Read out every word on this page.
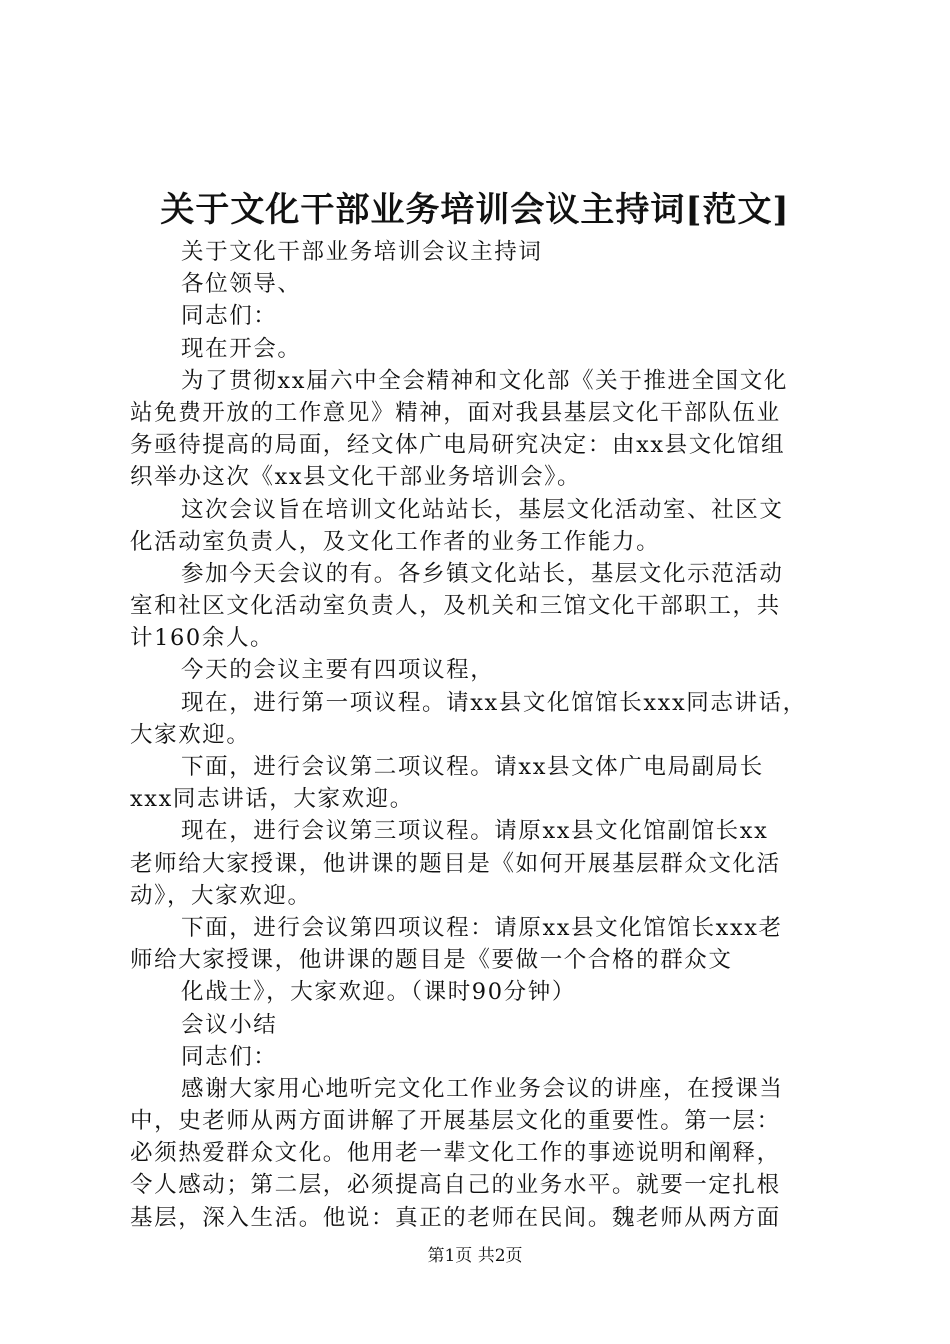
关于文化干部业务培训会议主持词[范文]
关于文化干部业务培训会议主持词
各位领导、
同志们：
现在开会。
为了贯彻xx届六中全会精神和文化部《关于推进全国文化
站免费开放的工作意见》精神，面对我县基层文化干部队伍业
务亟待提高的局面，经文体广电局研究决定：由xx县文化馆组
织举办这次《xx县文化干部业务培训会》。
这次会议旨在培训文化站站长，基层文化活动室、社区文
化活动室负责人，及文化工作者的业务工作能力。
参加今天会议的有。各乡镇文化站长，基层文化示范活动
室和社区文化活动室负责人，及机关和三馆文化干部职工，共
计160余人。
今天的会议主要有四项议程，
现在，进行第一项议程。请xx县文化馆馆长xxx同志讲话，
大家欢迎。
下面，进行会议第二项议程。请xx县文体广电局副局长
xxx同志讲话，大家欢迎。
现在，进行会议第三项议程。请原xx县文化馆副馆长xx
老师给大家授课，他讲课的题目是《如何开展基层群众文化活
动》，大家欢迎。
下面，进行会议第四项议程：请原xx县文化馆馆长xxx老
师给大家授课，他讲课的题目是《要做一个合格的群众文
化战士》，大家欢迎。（课时90分钟）
会议小结
同志们：
感谢大家用心地听完文化工作业务会议的讲座，在授课当
中，史老师从两方面讲解了开展基层文化的重要性。第一层：
必须热爱群众文化。他用老一辈文化工作的事迹说明和阐释，
令人感动；第二层，必须提高自己的业务水平。就要一定扎根
基层，深入生活。他说：真正的老师在民间。魏老师从两方面
第1页 共2页
